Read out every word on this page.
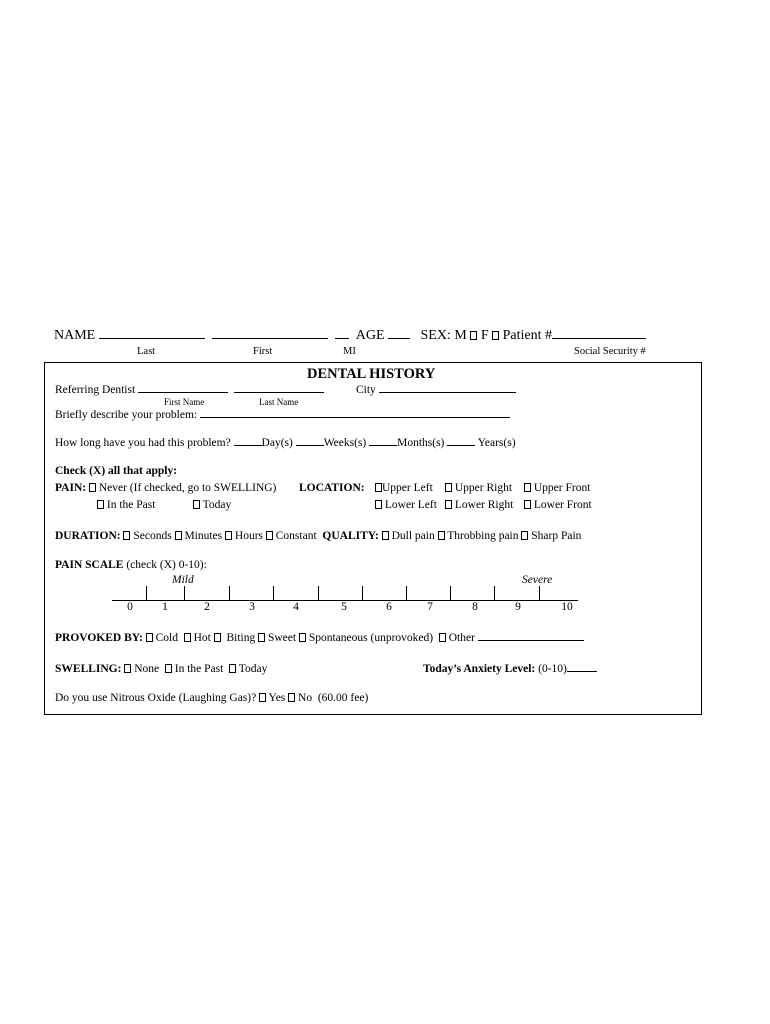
NAME	AGE	SEX: M F Patient #
Last	First	MI	Social Security #
DENTAL HISTORY
Referring Dentist	City
First Name	Last Name
Briefly describe your problem:
How long have you had this problem?	Day(s)	Weeks(s)	Months(s)	Years(s)
Check (X) all that apply:
PAIN: Never (If checked, go to SWELLING) LOCATION:	Upper Left	Upper Right	Upper Front
In the Past	Today	Lower Left	Lower Right	Lower Front
DURATION: Seconds Minutes Hours Constant QUALITY: Dull pain Throbbing pain Sharp Pain
PAIN SCALE (check (X) 0-10):
Mild	Severe
0	1	2	3	4	5	6	7	8	9	10
PROVOKED BY: Cold Hot Biting Sweet Spontaneous (unprovoked) Other
SWELLING: None In the Past Today	Today’s Anxiety Level: (0-10)
Do you use Nitrous Oxide (Laughing Gas)? Yes No (60.00 fee)
